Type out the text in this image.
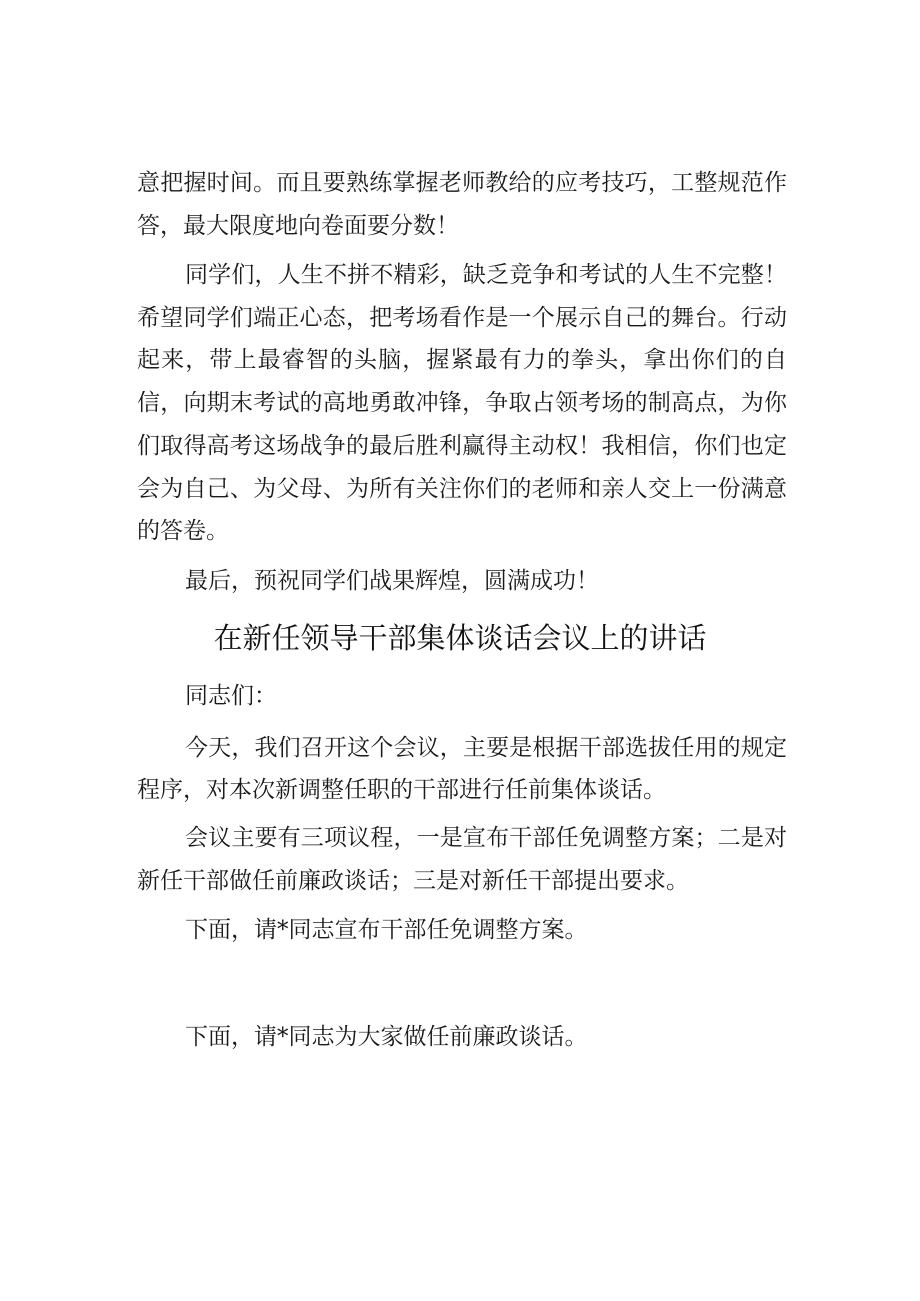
意把握时间。而且要熟练掌握老师教给的应考技巧，工整规范作
答，最大限度地向卷面要分数！
同学们，人生不拼不精彩，缺乏竞争和考试的人生不完整！
希望同学们端正心态，把考场看作是一个展示自己的舞台。行动
起来，带上最睿智的头脑，握紧最有力的拳头，拿出你们的自
信，向期末考试的高地勇敢冲锋，争取占领考场的制高点，为你
们取得高考这场战争的最后胜利赢得主动权！我相信，你们也定
会为自己、为父母、为所有关注你们的老师和亲人交上一份满意
的答卷。
最后，预祝同学们战果辉煌，圆满成功！
在新任领导干部集体谈话会议上的讲话
同志们：
今天，我们召开这个会议，主要是根据干部选拔任用的规定
程序，对本次新调整任职的干部进行任前集体谈话。
会议主要有三项议程，一是宣布干部任免调整方案；二是对
新任干部做任前廉政谈话；三是对新任干部提出要求。
下面，请*同志宣布干部任免调整方案。
下面，请*同志为大家做任前廉政谈话。
